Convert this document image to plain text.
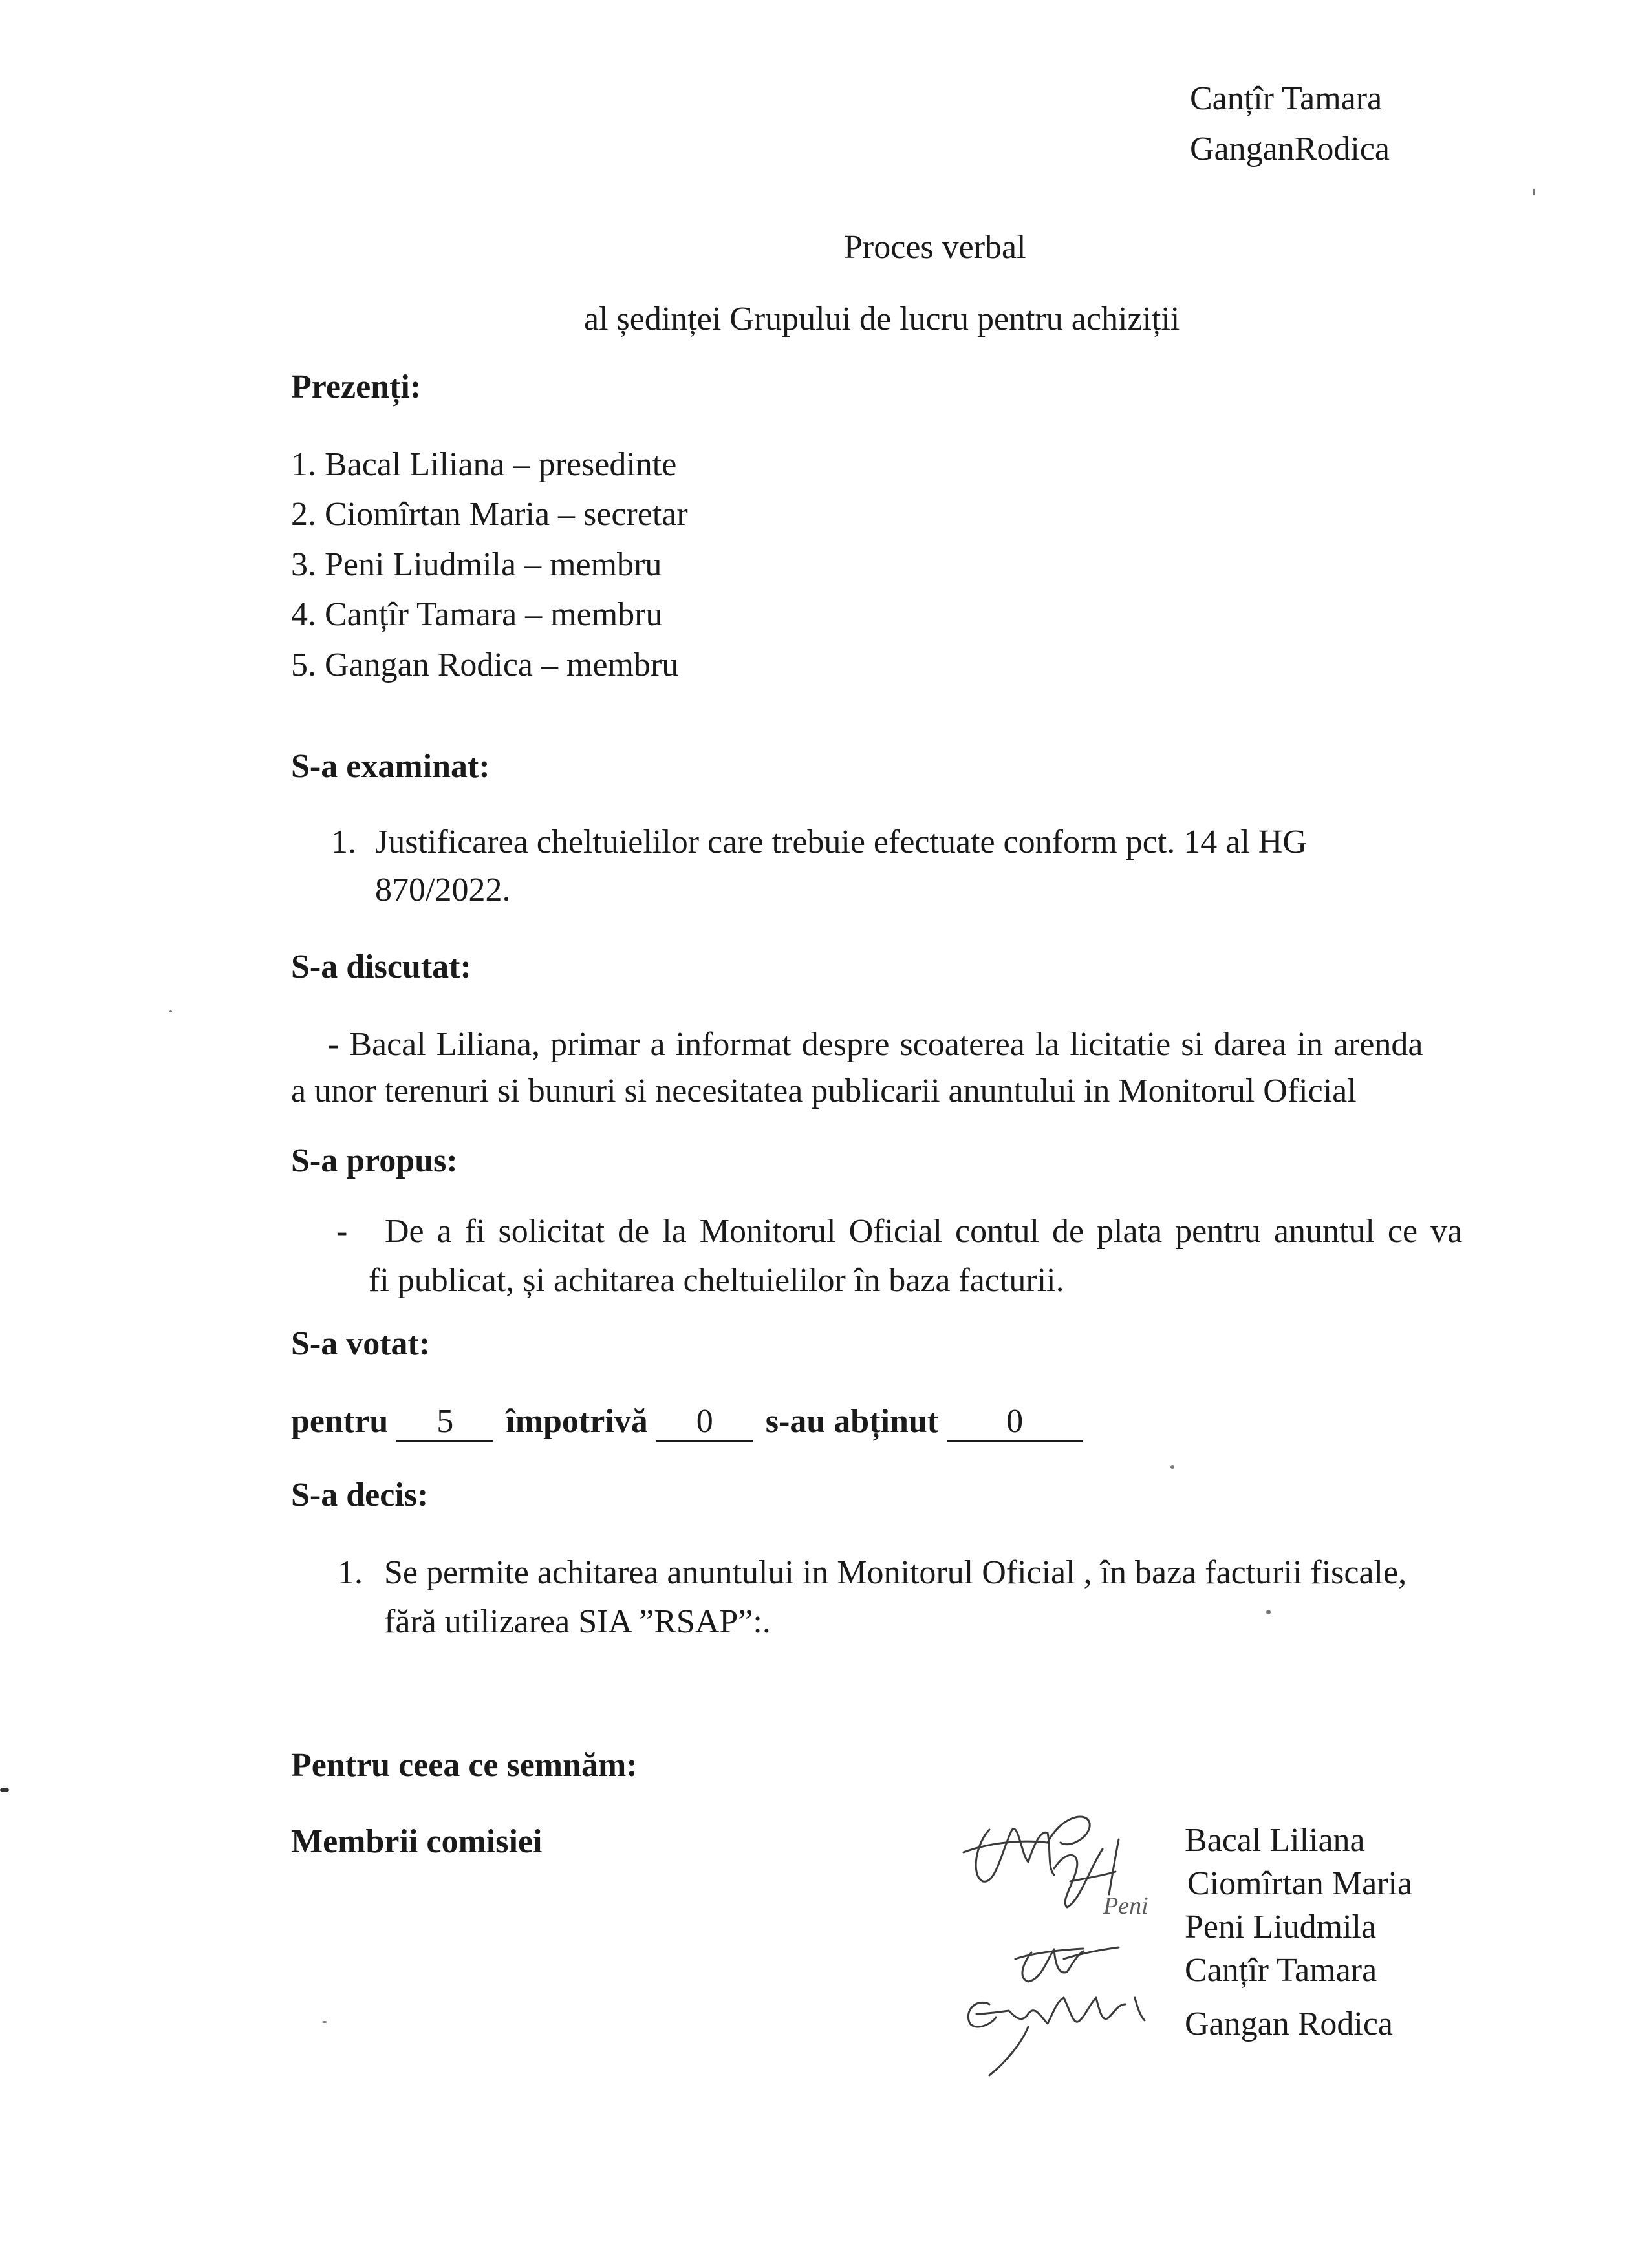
Canțîr Tamara
GanganRodica
Proces verbal
al ședinței Grupului de lucru pentru achiziții
Prezenți:
1. Bacal Liliana – presedinte
2. Ciomîrtan Maria – secretar
3. Peni Liudmila – membru
4. Canțîr Tamara – membru
5. Gangan Rodica – membru
S-a examinat:
1. Justificarea cheltuielilor care trebuie efectuate conform pct. 14 al HG
870/2022.
S-a discutat:
- Bacal Liliana, primar a informat despre scoaterea la licitatie si darea in arenda
a unor terenuri si bunuri si necesitatea publicarii anuntului in Monitorul Oficial
S-a propus:
- De a fi solicitat de la Monitorul Oficial contul de plata pentru anuntul ce va
fi publicat, și achitarea cheltuielilor în baza facturii.
S-a votat:
pentru 5 împotrivă 0 s-au abținut 0
S-a decis:
1. Se permite achitarea anuntului in Monitorul Oficial , în baza facturii fiscale,
fără utilizarea SIA ”RSAP”:.
Pentru ceea ce semnăm:
Membrii comisiei
Peni
Bacal Liliana
Ciomîrtan Maria
Peni Liudmila
Canțîr Tamara
Gangan Rodica
